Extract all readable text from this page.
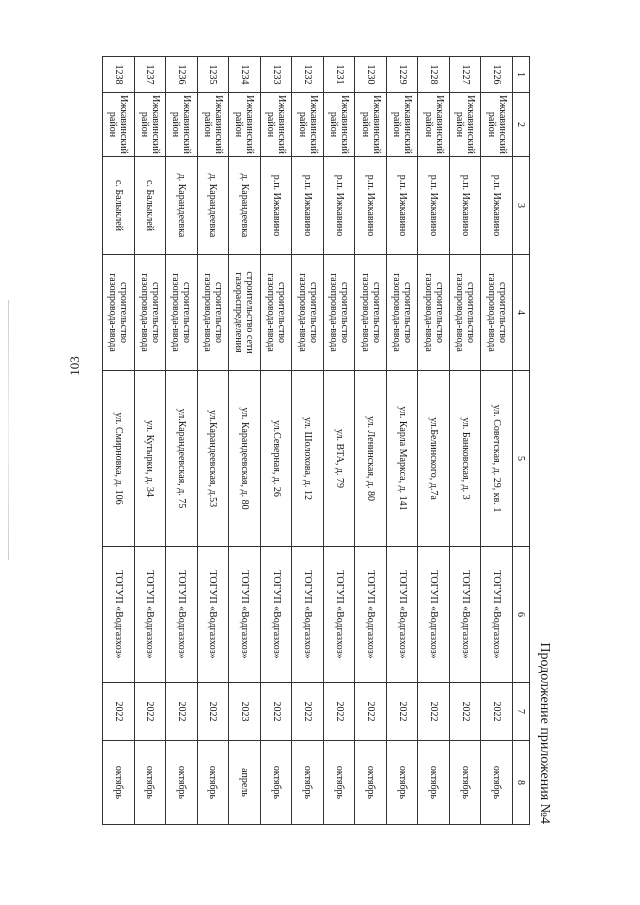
103
Продолжение приложения №4
1	2	3	4	5	6	7	8
1226	Ижкавинский район	р.п. Ижкавино	строительство газопровода-ввода	ул. Советская, д. 29, кв. 1	ТОГУП «Водгазхоз»	2022	октябрь
1227	Ижкавинский район	р.п. Ижкавино	строительство газопровода-ввода	ул. Банковская, д. 3	ТОГУП «Водгазхоз»	2022	октябрь
1228	Ижкавинский район	р.п. Ижкавино	строительство газопровода-ввода	ул.Белинского, д.7а	ТОГУП «Водгазхоз»	2022	октябрь
1229	Ижкавинский район	р.п. Ижкавино	строительство газопровода-ввода	ул. Карла Маркса, д. 141	ТОГУП «Водгазхоз»	2022	октябрь
1230	Ижкавинский район	р.п. Ижкавино	строительство газопровода-ввода	ул. Ленинская, д. 80	ТОГУП «Водгазхоз»	2022	октябрь
1231	Ижкавинский район	р.п. Ижкавино	строительство газопровода-ввода	ул. ВТА, д. 79	ТОГУП «Водгазхоз»	2022	октябрь
1232	Ижкавинский район	р.п. Ижкавино	строительство газопровода-ввода	ул. Шолохова, д. 12	ТОГУП «Водгазхоз»	2022	октябрь
1233	Ижкавинский район	р.п. Ижкавино	строительство газопровода-ввода	ул.Северная, д. 26	ТОГУП «Водгазхоз»	2022	октябрь
1234	Ижкавинский район	д. Карандеевка	строительство сети газораспределения	ул. Карандеевская, д. 80	ТОГУП «Водгазхоз»	2023	апрель
1235	Ижкавинский район	д. Карандеевка	строительство газопровода-ввода	ул.Карандеевская, д.53	ТОГУП «Водгазхоз»	2022	октябрь
1236	Ижкавинский район	д. Карандеевка	строительство газопровода-ввода	ул.Карандеевская, д. 75	ТОГУП «Водгазхоз»	2022	октябрь
1237	Ижкавинский район	с. Балыклей	строительство газопровода-ввода	ул. Кутырки, д. 34	ТОГУП «Водгазхоз»	2022	октябрь
1238	Ижкавинский район	с. Балыклей	строительство газопровода-ввода	ул. Смирновка, д. 106	ТОГУП «Водгазхоз»	2022	октябрь
